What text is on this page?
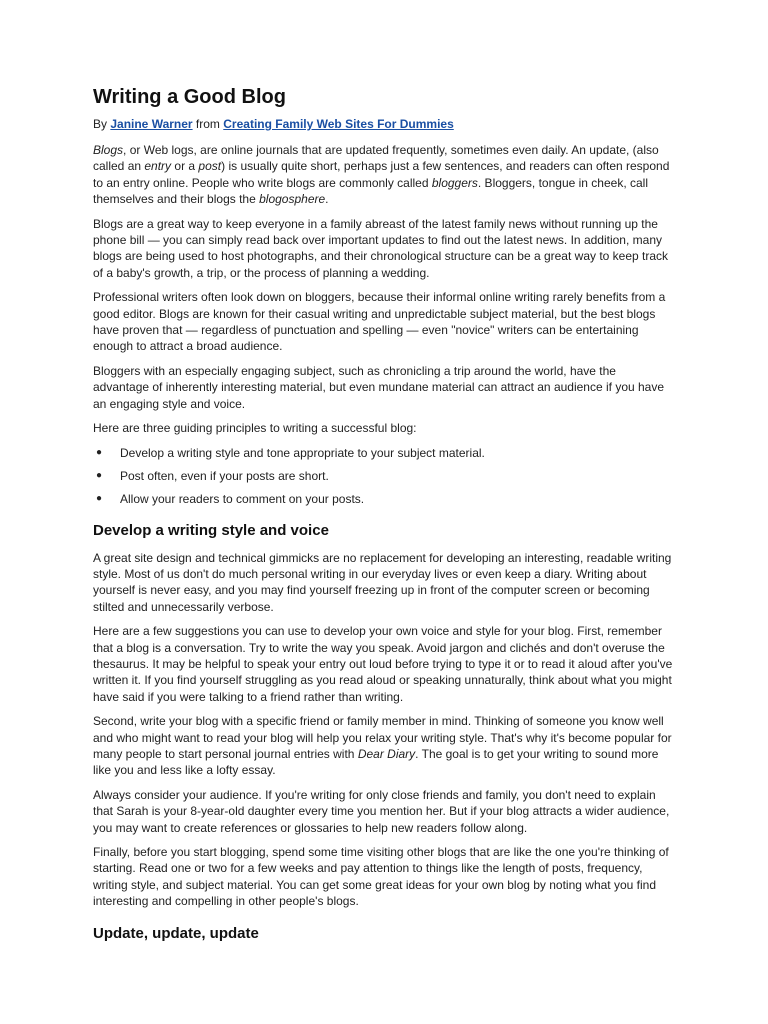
Writing a Good Blog
By Janine Warner from Creating Family Web Sites For Dummies

Blogs, or Web logs, are online journals that are updated frequently, sometimes even daily. An update, (also called an entry or a post) is usually quite short, perhaps just a few sentences, and readers can often respond to an entry online. People who write blogs are commonly called bloggers. Bloggers, tongue in cheek, call themselves and their blogs the blogosphere.

Blogs are a great way to keep everyone in a family abreast of the latest family news without running up the phone bill — you can simply read back over important updates to find out the latest news. In addition, many blogs are being used to host photographs, and their chronological structure can be a great way to keep track of a baby's growth, a trip, or the process of planning a wedding.

Professional writers often look down on bloggers, because their informal online writing rarely benefits from a good editor. Blogs are known for their casual writing and unpredictable subject material, but the best blogs have proven that — regardless of punctuation and spelling — even "novice" writers can be entertaining enough to attract a broad audience.

Bloggers with an especially engaging subject, such as chronicling a trip around the world, have the advantage of inherently interesting material, but even mundane material can attract an audience if you have an engaging style and voice.

Here are three guiding principles to writing a successful blog:

● Develop a writing style and tone appropriate to your subject material.
● Post often, even if your posts are short.
● Allow your readers to comment on your posts.
Develop a writing style and voice

A great site design and technical gimmicks are no replacement for developing an interesting, readable writing style. Most of us don't do much personal writing in our everyday lives or even keep a diary. Writing about yourself is never easy, and you may find yourself freezing up in front of the computer screen or becoming stilted and unnecessarily verbose.

Here are a few suggestions you can use to develop your own voice and style for your blog. First, remember that a blog is a conversation. Try to write the way you speak. Avoid jargon and clichés and don't overuse the thesaurus. It may be helpful to speak your entry out loud before trying to type it or to read it aloud after you've written it. If you find yourself struggling as you read aloud or speaking unnaturally, think about what you might have said if you were talking to a friend rather than writing.

Second, write your blog with a specific friend or family member in mind. Thinking of someone you know well and who might want to read your blog will help you relax your writing style. That's why it's become popular for many people to start personal journal entries with Dear Diary. The goal is to get your writing to sound more like you and less like a lofty essay.

Always consider your audience. If you're writing for only close friends and family, you don't need to explain that Sarah is your 8-year-old daughter every time you mention her. But if your blog attracts a wider audience, you may want to create references or glossaries to help new readers follow along.

Finally, before you start blogging, spend some time visiting other blogs that are like the one you're thinking of starting. Read one or two for a few weeks and pay attention to things like the length of posts, frequency, writing style, and subject material. You can get some great ideas for your own blog by noting what you find interesting and compelling in other people's blogs.

Update, update, update
